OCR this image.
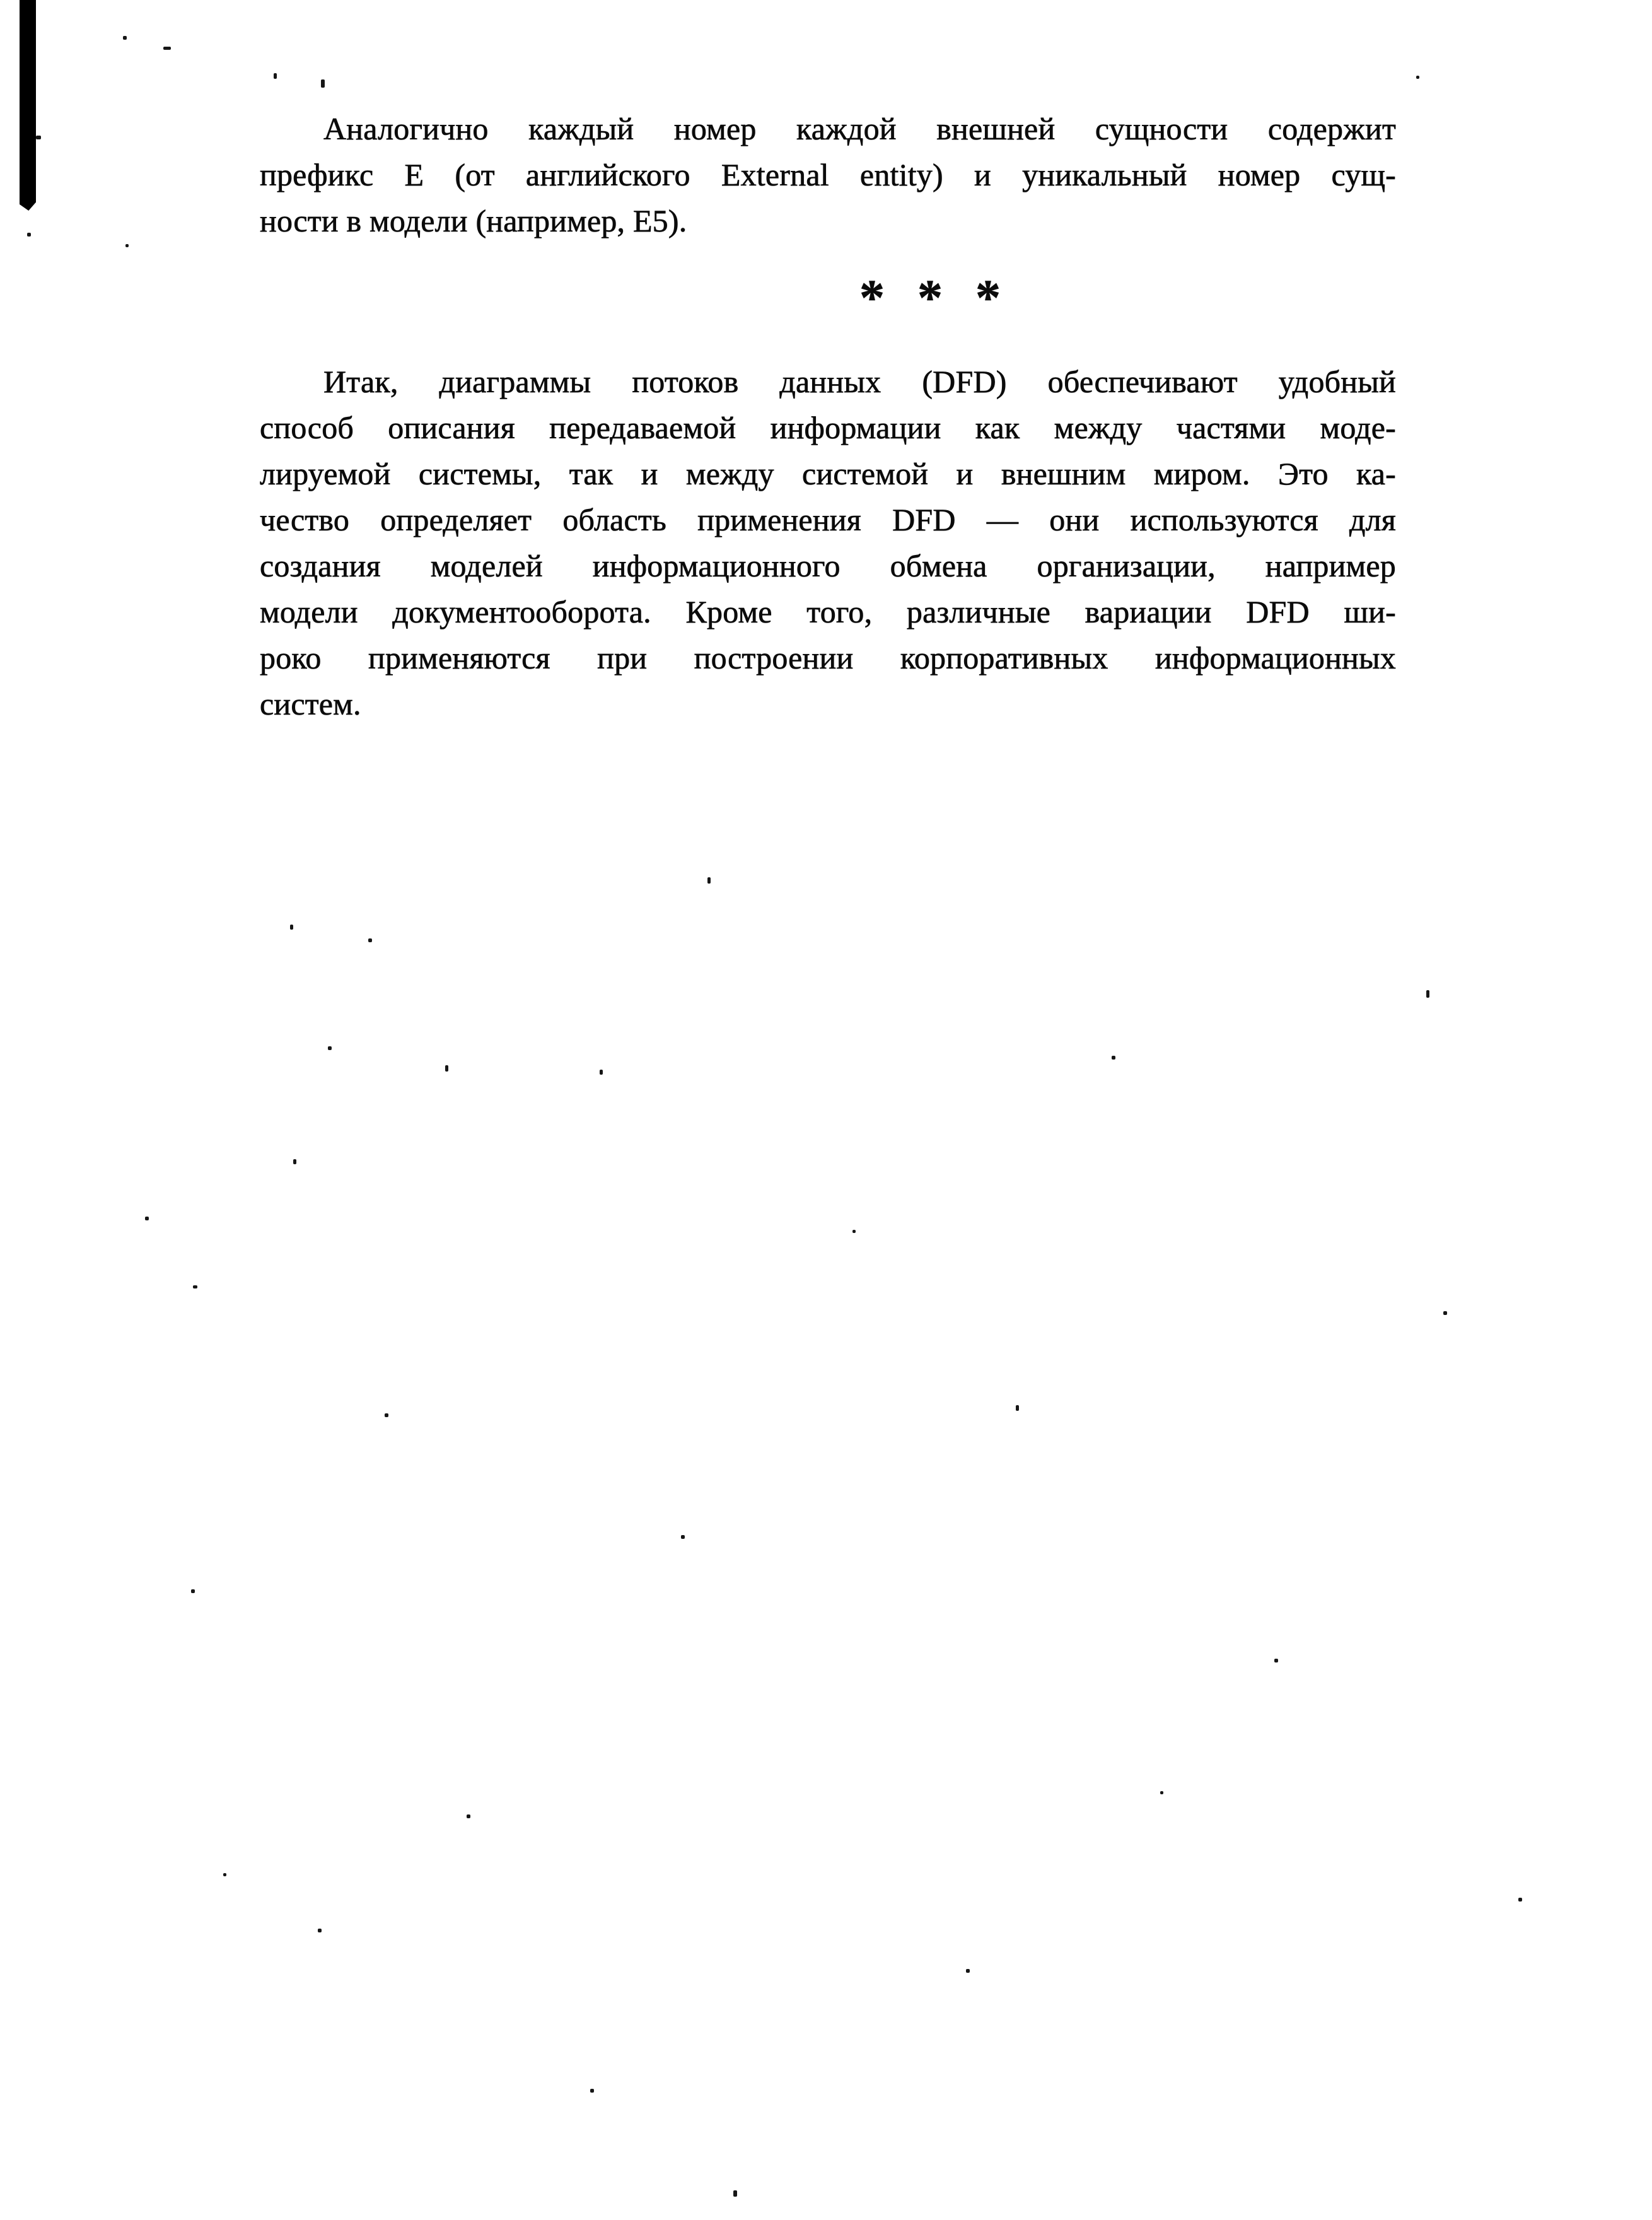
Аналогично каждый номер каждой внешней сущности содержит
префикс Е (от английского External entity) и уникальный номер сущ-
ности в модели (например, Е5).
* * *
Итак, диаграммы потоков данных (DFD) обеспечивают удобный
способ описания передаваемой информации как между частями моде-
лируемой системы, так и между системой и внешним миром. Это ка-
чество определяет область применения DFD — они используются для
создания моделей информационного обмена организации, например
модели документооборота. Кроме того, различные вариации DFD ши-
роко применяются при построении корпоративных информационных
систем.
